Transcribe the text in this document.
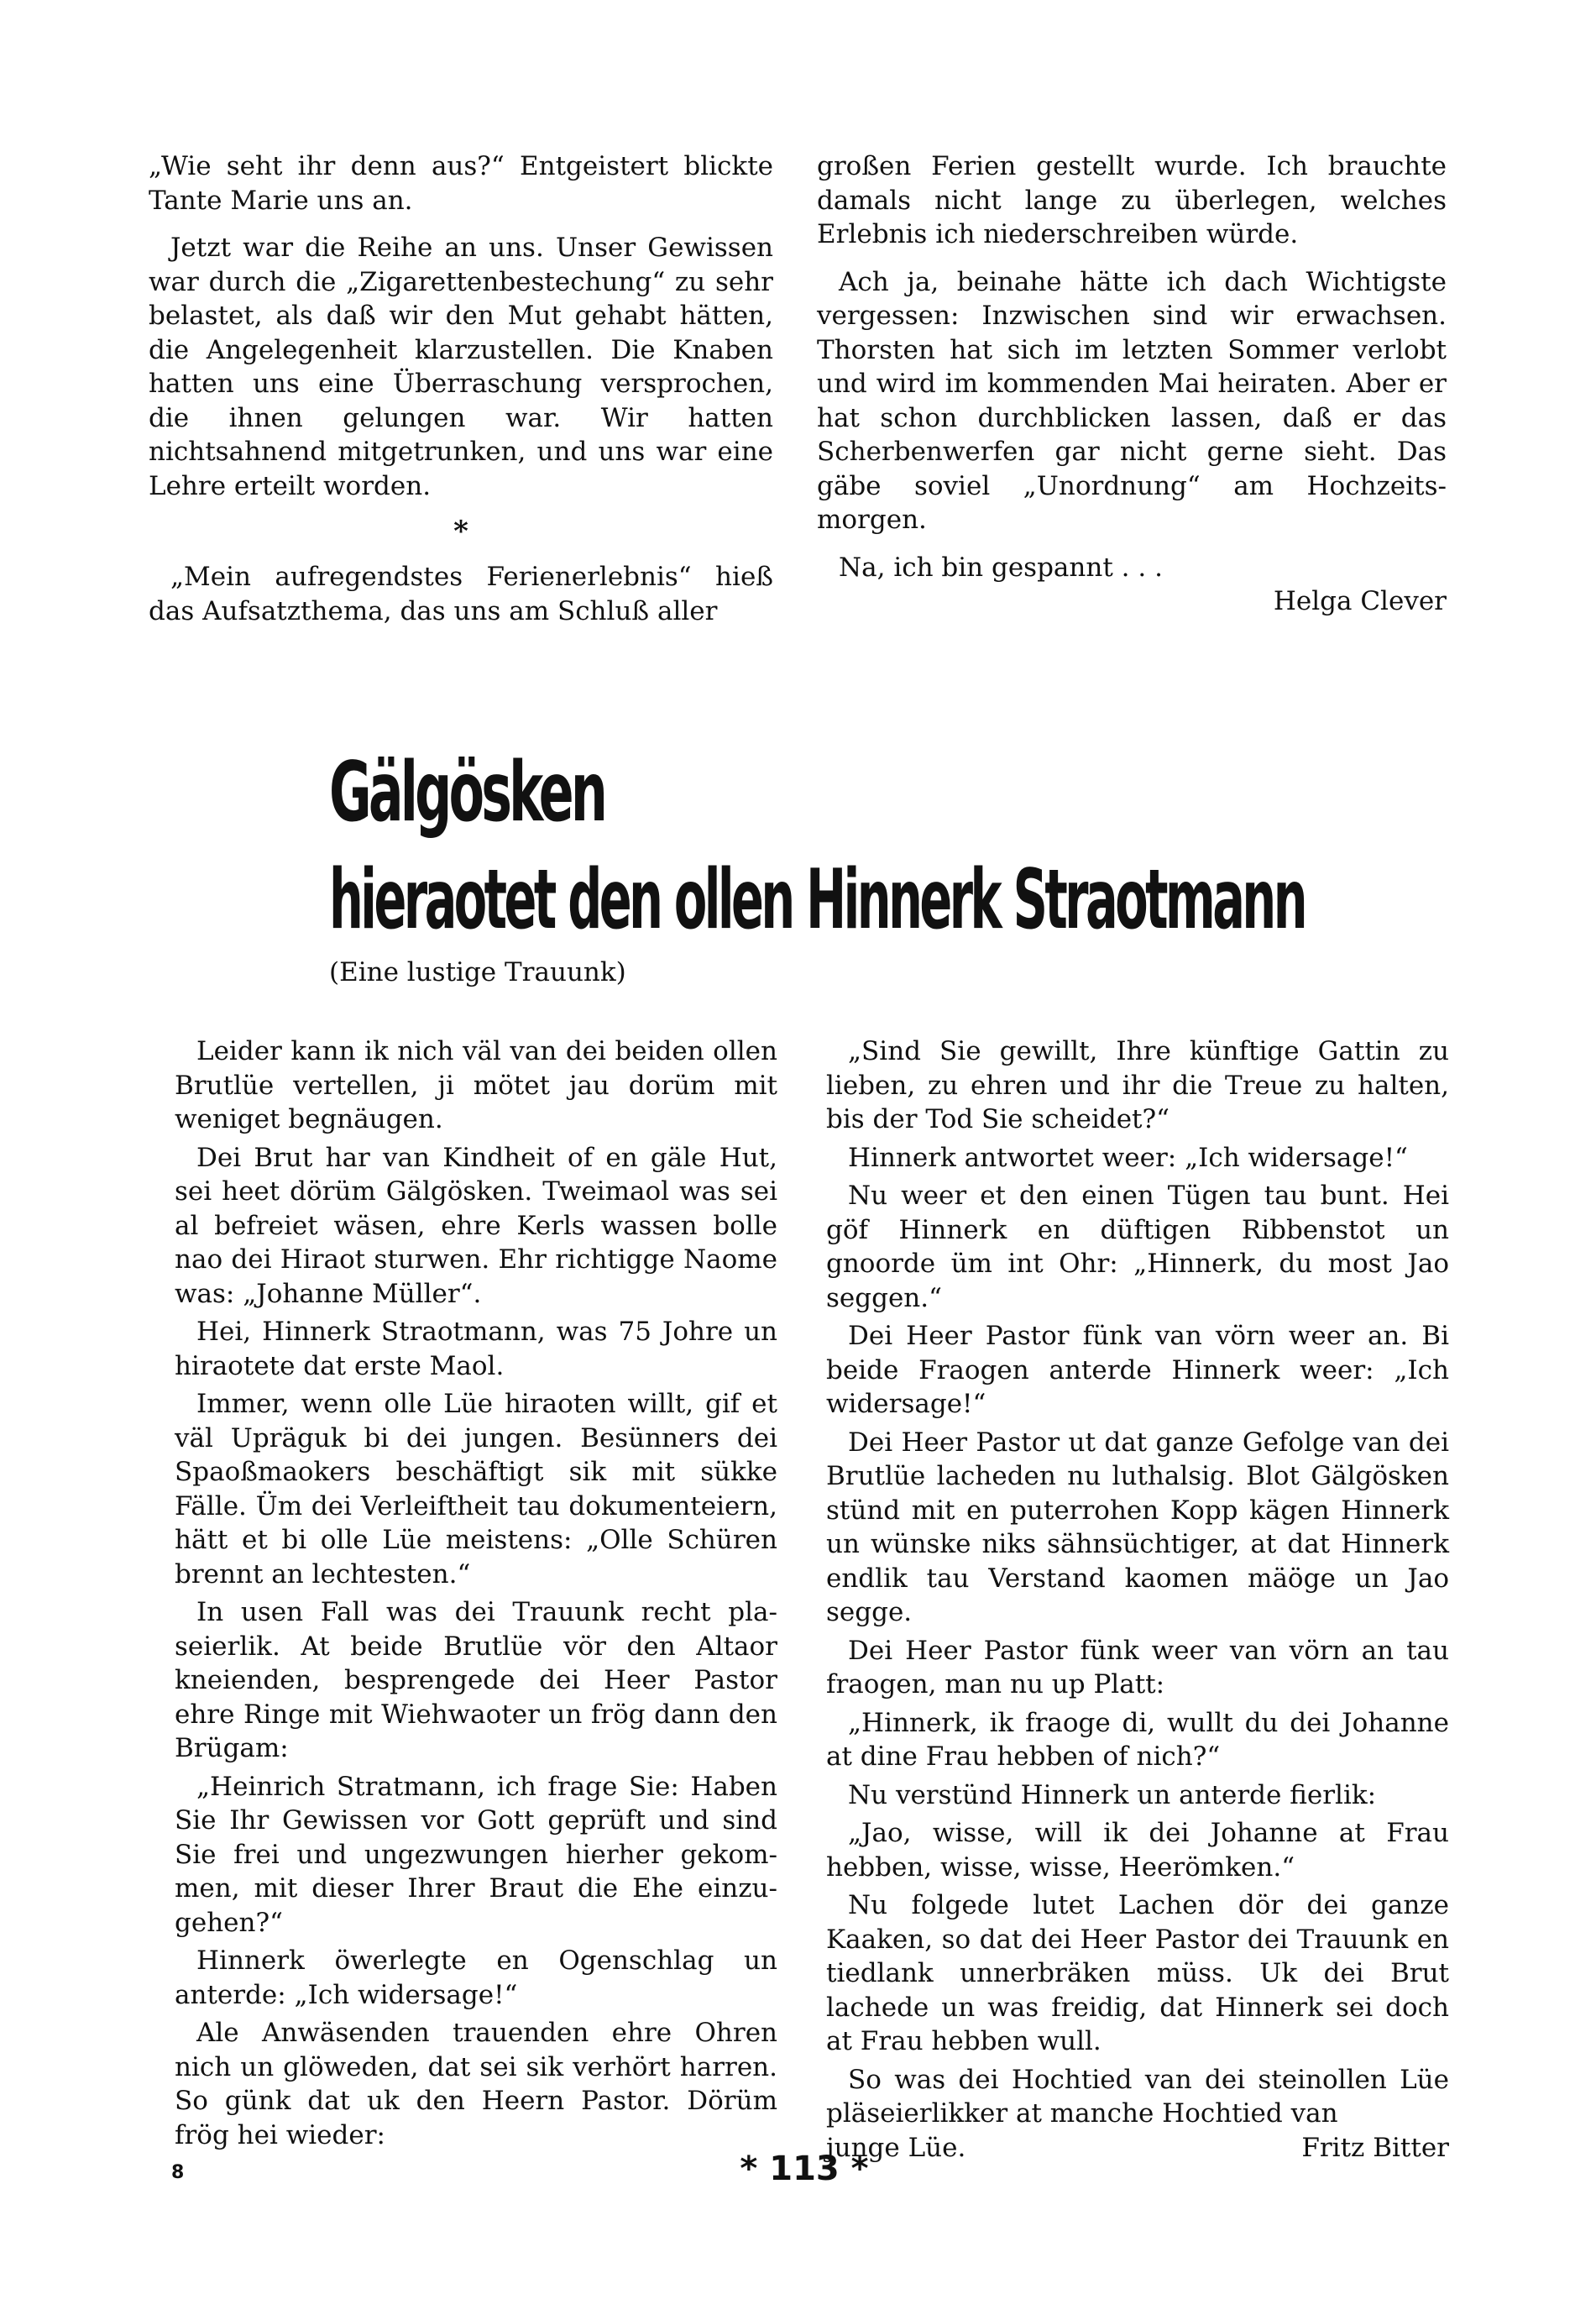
„Wie seht ihr denn aus?“ Entgeistert blickte Tante Marie uns an.

Jetzt war die Reihe an uns. Unser Gewissen war durch die „Zigarettenbestechung“ zu sehr belastet, als daß wir den Mut gehabt hätten, die Angelegenheit klarzustellen. Die Knaben hatten uns eine Überraschung versprochen, die ihnen gelungen war. Wir hatten nichtsahnend mitgetrunken, und uns war eine Lehre erteilt worden.

*

„Mein aufregendstes Ferienerlebnis“ hieß das Aufsatzthema, das uns am Schluß aller

großen Ferien gestellt wurde. Ich brauchte damals nicht lange zu überlegen, welches Erlebnis ich niederschreiben würde.

Ach ja, beinahe hätte ich dach Wichtigste vergessen: Inzwischen sind wir erwachsen. Thorsten hat sich im letzten Sommer verlobt und wird im kommenden Mai heiraten. Aber er hat schon durchblicken lassen, daß er das Scherbenwerfen gar nicht gerne sieht. Das gäbe soviel „Unordnung“ am Hochzeitsmorgen.

Na, ich bin gespannt . . .

Helga Clever

Gälgösken
hieraotet den ollen Hinnerk Straotmann
(Eine lustige Trauunk)

Leider kann ik nich väl van dei beiden ollen Brutlüe vertellen, ji mötet jau dorüm mit weniget begnäugen.

Dei Brut har van Kindheit of en gäle Hut, sei heet dörüm Gälgösken. Tweimaol was sei al befreiet wäsen, ehre Kerls wassen bolle nao dei Hiraot sturwen. Ehr richtigge Naome was: „Johanne Müller“.

Hei, Hinnerk Straotmann, was 75 Johre un hiraotete dat erste Maol.

Immer, wenn olle Lüe hiraoten willt, gif et väl Upräguk bi dei jungen. Besünners dei Spaoßmaokers beschäftigt sik mit sükke Fälle. Üm dei Verleiftheit tau dokumenteiern, hätt et bi olle Lüe meistens: „Olle Schüren brennt an lechtesten.“

In usen Fall was dei Trauunk recht plaseierlik. At beide Brutlüe vör den Altaor kneienden, besprengede dei Heer Pastor ehre Ringe mit Wiehwaoter un frög dann den Brügam:

„Heinrich Stratmann, ich frage Sie: Haben Sie Ihr Gewissen vor Gott geprüft und sind Sie frei und ungezwungen hierher gekommen, mit dieser Ihrer Braut die Ehe einzugehen?“

Hinnerk öwerlegte en Ogenschlag un anterde: „Ich widersage!“

Ale Anwäsenden trauenden ehre Ohren nich un glöweden, dat sei sik verhört harren. So günk dat uk den Heern Pastor. Dörüm frög hei wieder:

„Sind Sie gewillt, Ihre künftige Gattin zu lieben, zu ehren und ihr die Treue zu halten, bis der Tod Sie scheidet?“

Hinnerk antwortet weer: „Ich widersage!“

Nu weer et den einen Tügen tau bunt. Hei göf Hinnerk en düftigen Ribbenstot un gnoorde üm int Ohr: „Hinnerk, du most Jao seggen.“

Dei Heer Pastor fünk van vörn weer an. Bi beide Fraogen anterde Hinnerk weer: „Ich widersage!“

Dei Heer Pastor ut dat ganze Gefolge van dei Brutlüe lacheden nu luthalsig. Blot Gälgösken stünd mit en puterrohen Kopp kägen Hinnerk un wünske niks sähnsüchtiger, at dat Hinnerk endlik tau Verstand kaomen mäöge un Jao segge.

Dei Heer Pastor fünk weer van vörn an tau fraogen, man nu up Platt:

„Hinnerk, ik fraoge di, wullt du dei Johanne at dine Frau hebben of nich?“

Nu verstünd Hinnerk un anterde fierlik:

„Jao, wisse, will ik dei Johanne at Frau hebben, wisse, wisse, Heerömken.“

Nu folgede lutet Lachen dör dei ganze Kaaken, so dat dei Heer Pastor dei Trauunk en tiedlank unnerbräken müss. Uk dei Brut lachede un was freidig, dat Hinnerk sei doch at Frau hebben wull.

So was dei Hochtied van dei steinollen Lüe pläseierlikker at manche Hochtied van

junge Lüe.	Fritz Bitter
8	* 113 *
